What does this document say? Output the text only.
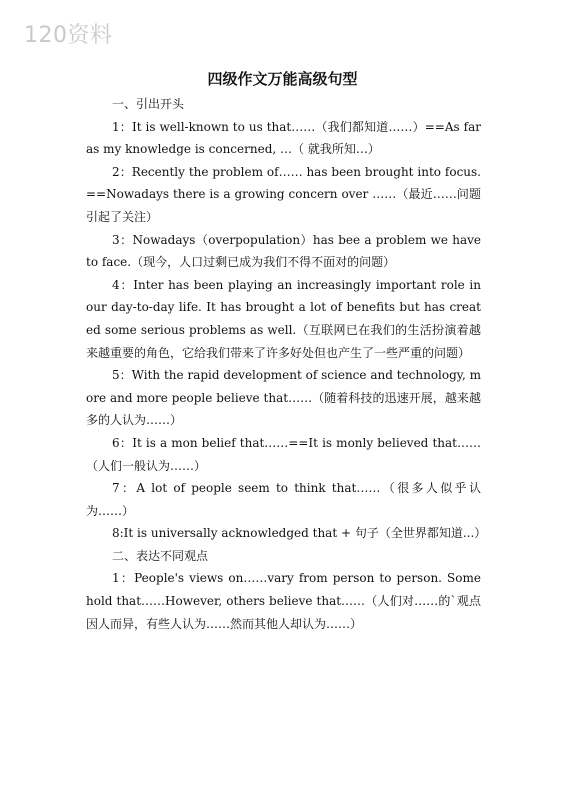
120资料
四级作文万能高级句型
一、引出开头
1：It is well-known to us that……（我们都知道……）==As far as my knowledge is concerned, …（ 就我所知…）
2：Recently the problem of…… has been brought into focus. ==Nowadays there is a growing concern over ……（最近……问题引起了关注）
3：Nowadays（overpopulation）has bee a problem we have to face.（现今，人口过剩已成为我们不得不面对的问题）
4：Inter has been playing an increasingly important role in our day-to-day life. It has brought a lot of benefits but has created some serious problems as well.（互联网已在我们的生活扮演着越来越重要的角色，它给我们带来了许多好处但也产生了一些严重的问题）
5：With the rapid development of science and technology, more and more people believe that……（随着科技的迅速开展，越来越多的人认为……）
6：It is a mon belief that……==It is monly believed that……（人们一般认为……）
7：A lot of people seem to think that……（很多人似乎认为……）
8:It is universally acknowledged that + 句子（全世界都知道...）
二、表达不同观点
1：People's views on……vary from person to person. Some hold that……However, others believe that……（人们对……的`观点因人而异，有些人认为……然而其他人却认为……）
